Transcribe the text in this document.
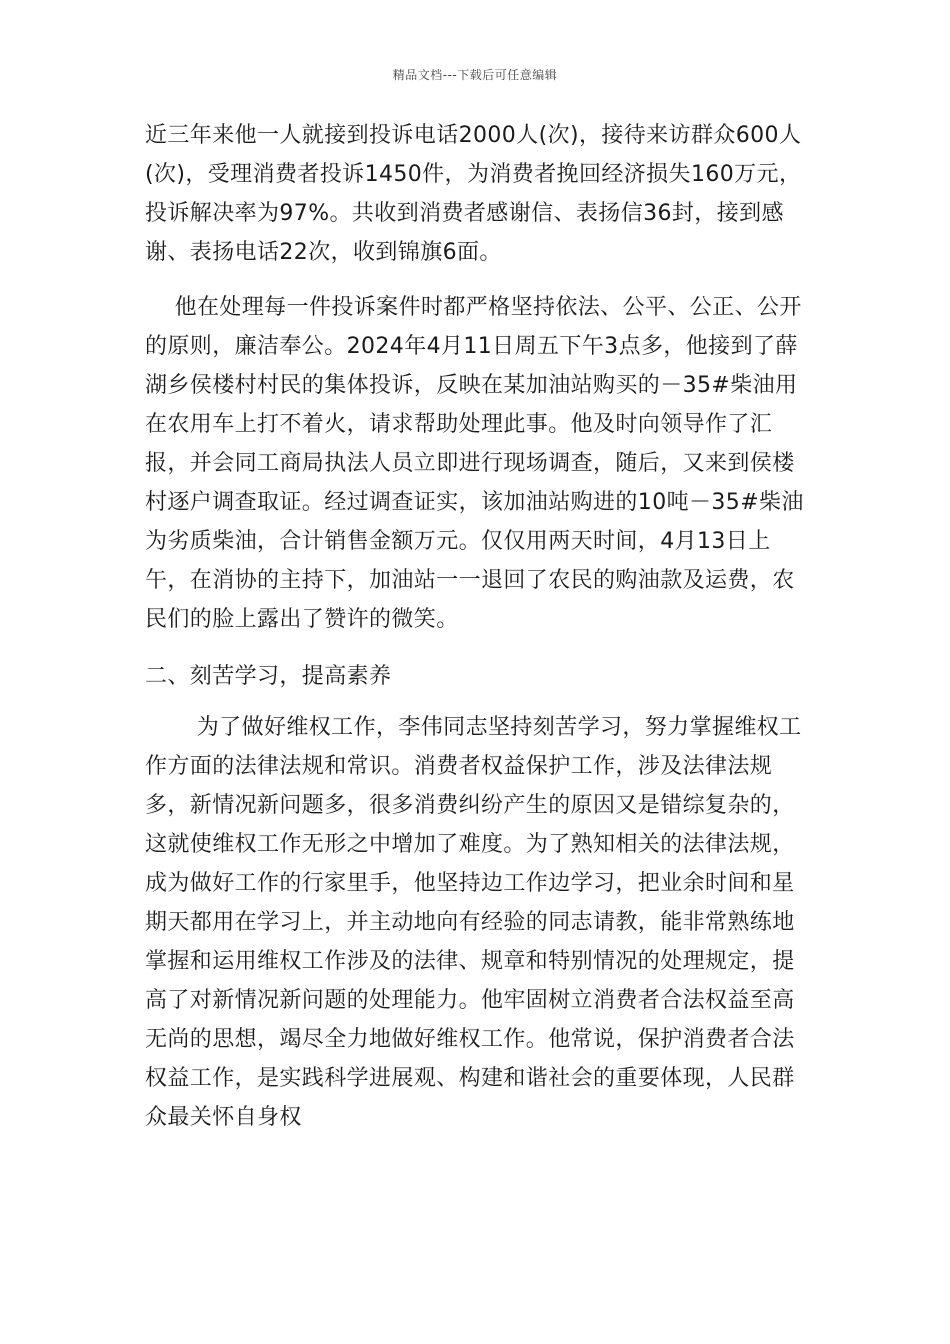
精品文档---下载后可任意编辑

近三年来他一人就接到投诉电话2000人(次)，接待来访群众600人(次)，受理消费者投诉1450件，为消费者挽回经济损失160万元，投诉解决率为97%。共收到消费者感谢信、表扬信36封，接到感谢、表扬电话22次，收到锦旗6面。

他在处理每一件投诉案件时都严格坚持依法、公平、公正、公开的原则，廉洁奉公。2024年4月11日周五下午3点多，他接到了薛湖乡侯楼村村民的集体投诉，反映在某加油站购买的－35#柴油用在农用车上打不着火，请求帮助处理此事。他及时向领导作了汇报，并会同工商局执法人员立即进行现场调查，随后，又来到侯楼村逐户调查取证。经过调查证实，该加油站购进的10吨－35#柴油为劣质柴油，合计销售金额万元。仅仅用两天时间，4月13日上午，在消协的主持下，加油站一一退回了农民的购油款及运费，农民们的脸上露出了赞许的微笑。

二、刻苦学习，提高素养

为了做好维权工作，李伟同志坚持刻苦学习，努力掌握维权工作方面的法律法规和常识。消费者权益保护工作，涉及法律法规多，新情况新问题多，很多消费纠纷产生的原因又是错综复杂的，这就使维权工作无形之中增加了难度。为了熟知相关的法律法规，成为做好工作的行家里手，他坚持边工作边学习，把业余时间和星期天都用在学习上，并主动地向有经验的同志请教，能非常熟练地掌握和运用维权工作涉及的法律、规章和特别情况的处理规定，提高了对新情况新问题的处理能力。他牢固树立消费者合法权益至高无尚的思想，竭尽全力地做好维权工作。他常说，保护消费者合法权益工作，是实践科学进展观、构建和谐社会的重要体现，人民群众最关怀自身权
